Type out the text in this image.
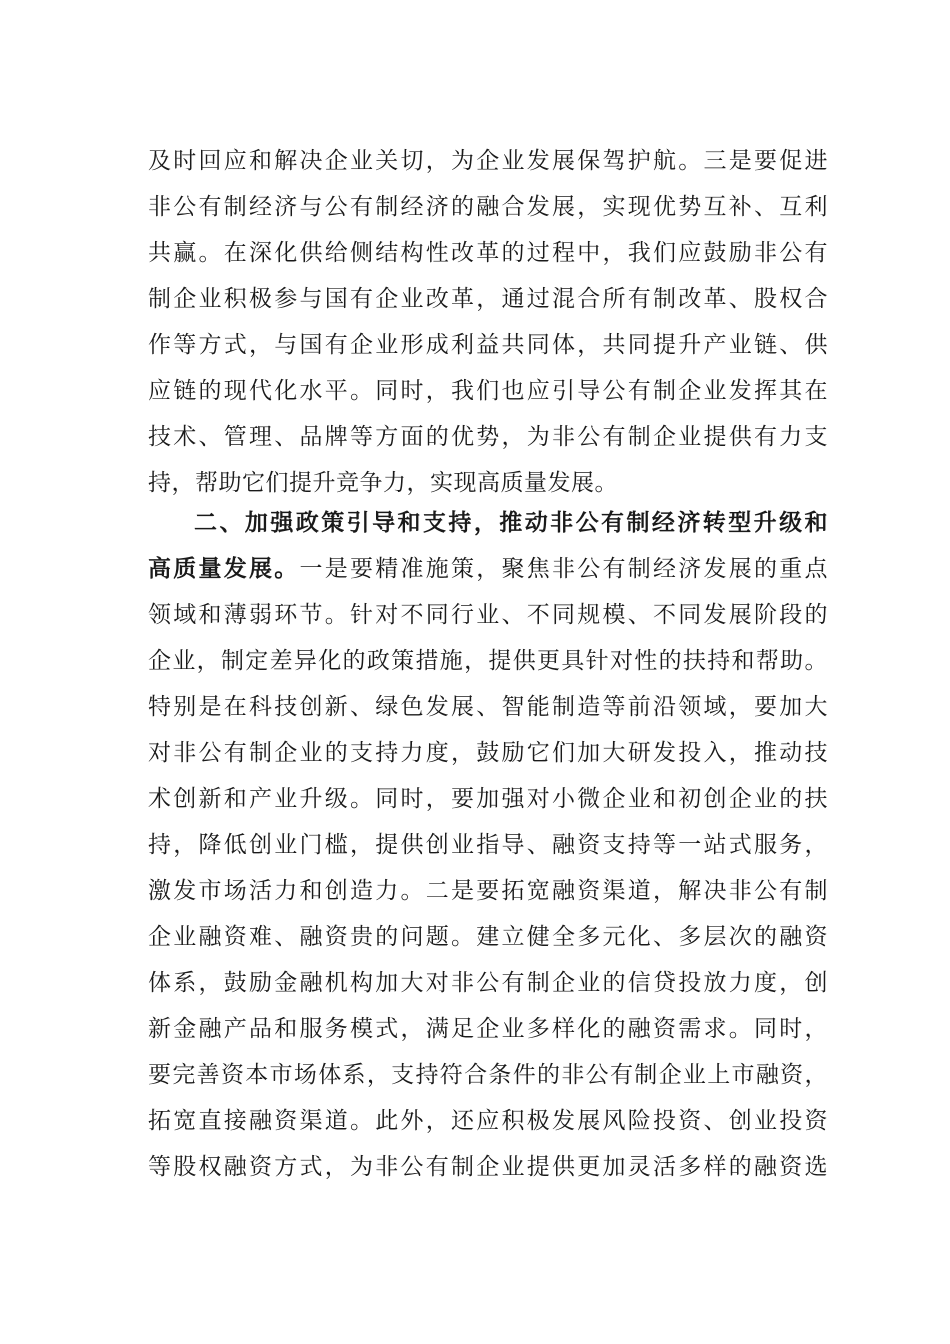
及时回应和解决企业关切，为企业发展保驾护航。三是要促进
非公有制经济与公有制经济的融合发展，实现优势互补、互利
共赢。在深化供给侧结构性改革的过程中，我们应鼓励非公有
制企业积极参与国有企业改革，通过混合所有制改革、股权合
作等方式，与国有企业形成利益共同体，共同提升产业链、供
应链的现代化水平。同时，我们也应引导公有制企业发挥其在
技术、管理、品牌等方面的优势，为非公有制企业提供有力支
持，帮助它们提升竞争力，实现高质量发展。
二、加强政策引导和支持，推动非公有制经济转型升级和
高质量发展。一是要精准施策，聚焦非公有制经济发展的重点
领域和薄弱环节。针对不同行业、不同规模、不同发展阶段的
企业，制定差异化的政策措施，提供更具针对性的扶持和帮助。
特别是在科技创新、绿色发展、智能制造等前沿领域，要加大
对非公有制企业的支持力度，鼓励它们加大研发投入，推动技
术创新和产业升级。同时，要加强对小微企业和初创企业的扶
持，降低创业门槛，提供创业指导、融资支持等一站式服务，
激发市场活力和创造力。二是要拓宽融资渠道，解决非公有制
企业融资难、融资贵的问题。建立健全多元化、多层次的融资
体系，鼓励金融机构加大对非公有制企业的信贷投放力度，创
新金融产品和服务模式，满足企业多样化的融资需求。同时，
要完善资本市场体系，支持符合条件的非公有制企业上市融资，
拓宽直接融资渠道。此外，还应积极发展风险投资、创业投资
等股权融资方式，为非公有制企业提供更加灵活多样的融资选
